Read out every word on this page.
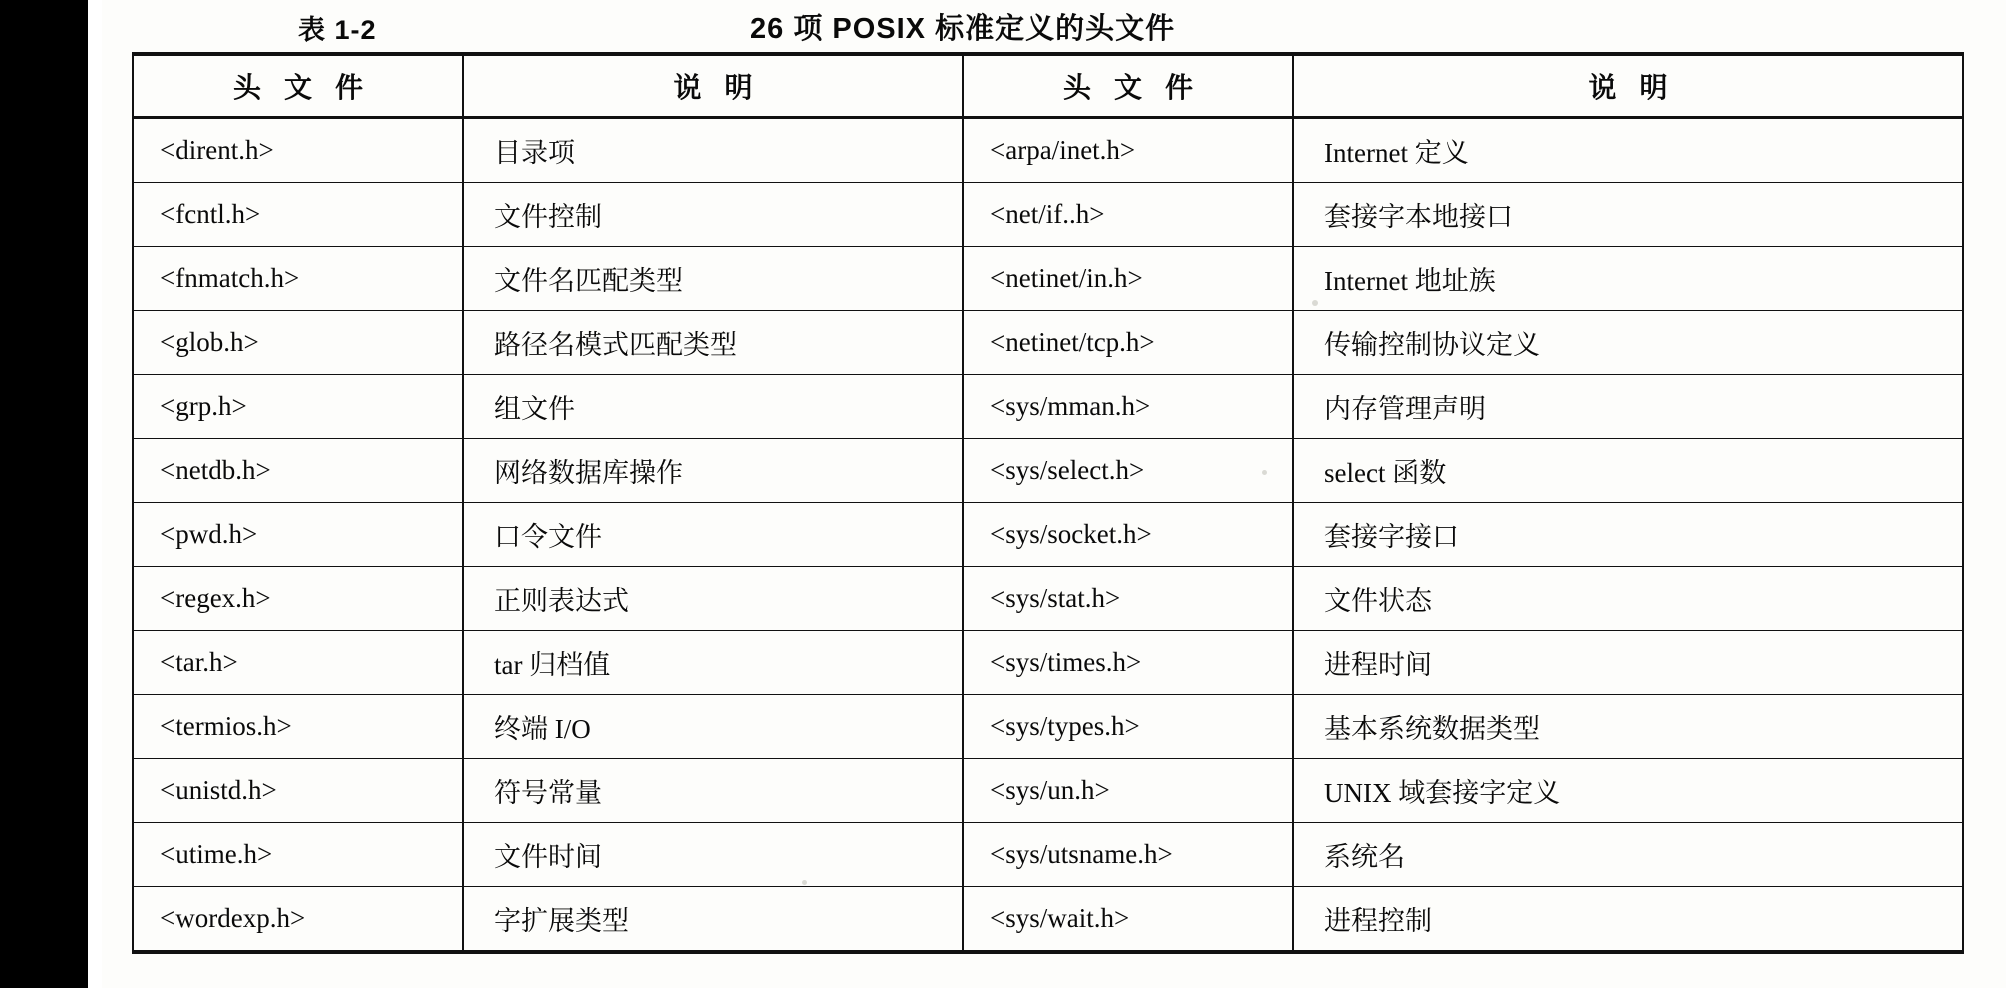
表 1-2	26 项 POSIX 标准定义的头文件
头 文 件	说 明	头 文 件	说 明
<dirent.h>	目录项	<arpa/inet.h>	Internet 定义
<fcntl.h>	文件控制	<net/if..h>	套接字本地接口
<fnmatch.h>	文件名匹配类型	<netinet/in.h>	Internet 地址族
<glob.h>	路径名模式匹配类型	<netinet/tcp.h>	传输控制协议定义
<grp.h>	组文件	<sys/mman.h>	内存管理声明
<netdb.h>	网络数据库操作	<sys/select.h>	select 函数
<pwd.h>	口令文件	<sys/socket.h>	套接字接口
<regex.h>	正则表达式	<sys/stat.h>	文件状态
<tar.h>	tar 归档值	<sys/times.h>	进程时间
<termios.h>	终端 I/O	<sys/types.h>	基本系统数据类型
<unistd.h>	符号常量	<sys/un.h>	UNIX 域套接字定义
<utime.h>	文件时间	<sys/utsname.h>	系统名
<wordexp.h>	字扩展类型	<sys/wait.h>	进程控制
